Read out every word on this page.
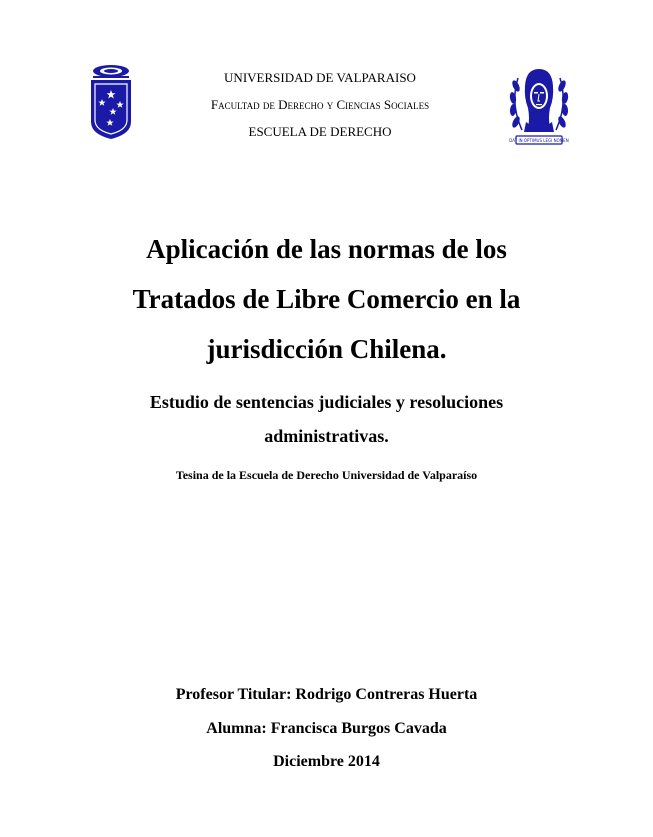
UNIVERSIDAD DE VALPARAISO
Facultad de Derecho y Ciencias Sociales
ESCUELA DE DERECHO
DAT IN OPTIMUS LEGI NOMEN
Aplicación de las normas de los
Tratados de Libre Comercio en la
jurisdicción Chilena.
Estudio de sentencias judiciales y resoluciones
administrativas.
Tesina de la Escuela de Derecho Universidad de Valparaíso
Profesor Titular: Rodrigo Contreras Huerta
Alumna: Francisca Burgos Cavada
Diciembre 2014
